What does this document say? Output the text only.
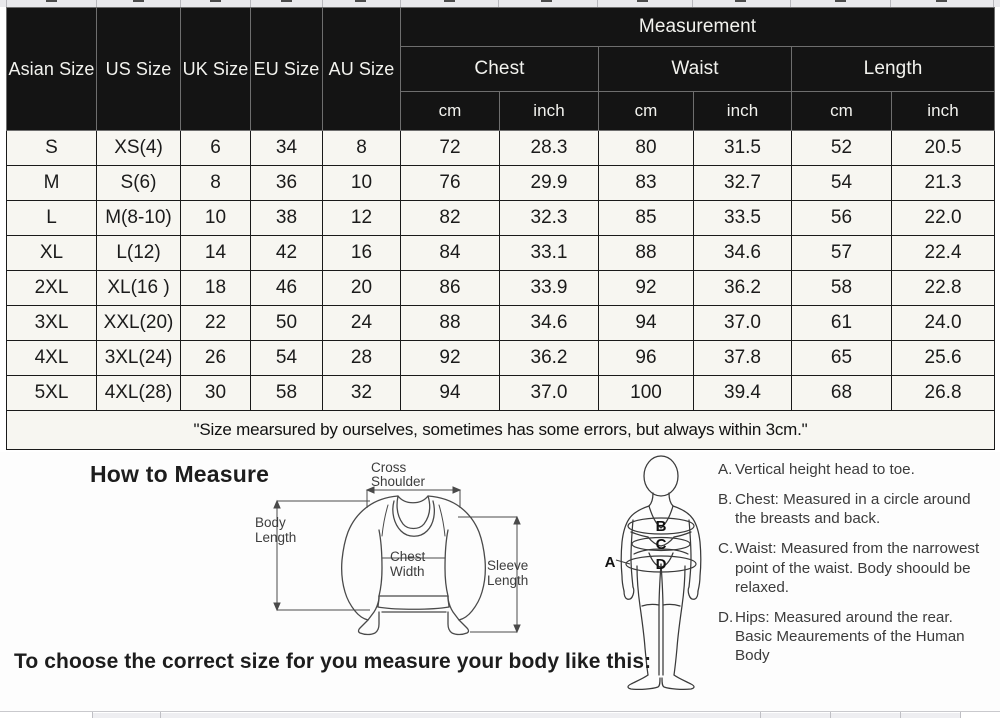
Asian Size	US Size	UK Size	EU Size	AU Size	Measurement					
					Chest		Waist		Length	
					cm	inch	cm	inch	cm	inch
S	XS(4)	6	34	8	72	28.3	80	31.5	52	20.5
M	S(6)	8	36	10	76	29.9	83	32.7	54	21.3
L	M(8-10)	10	38	12	82	32.3	85	33.5	56	22.0
XL	L(12)	14	42	16	84	33.1	88	34.6	57	22.4
2XL	XL(16 )	18	46	20	86	33.9	92	36.2	58	22.8
3XL	XXL(20)	22	50	24	88	34.6	94	37.0	61	24.0
4XL	3XL(24)	26	54	28	92	36.2	96	37.8	65	25.6
5XL	4XL(28)	30	58	32	94	37.0	100	39.4	68	26.8
"Size mearsured by ourselves, sometimes has some errors, but always within 3cm."										
How to Measure	Cross
Shoulder
Body
Length
Chest
Width	Sleeve
Length
B
C
D
A
A. Vertical height head to toe.
B. Chest: Measured in a circle around the breasts and back.
C. Waist: Measured from the narrowest point of the waist. Body shoould be relaxed.
D. Hips: Measured around the rear. Basic Meaurements of the Human Body
To choose the correct size for you measure your body like this:
